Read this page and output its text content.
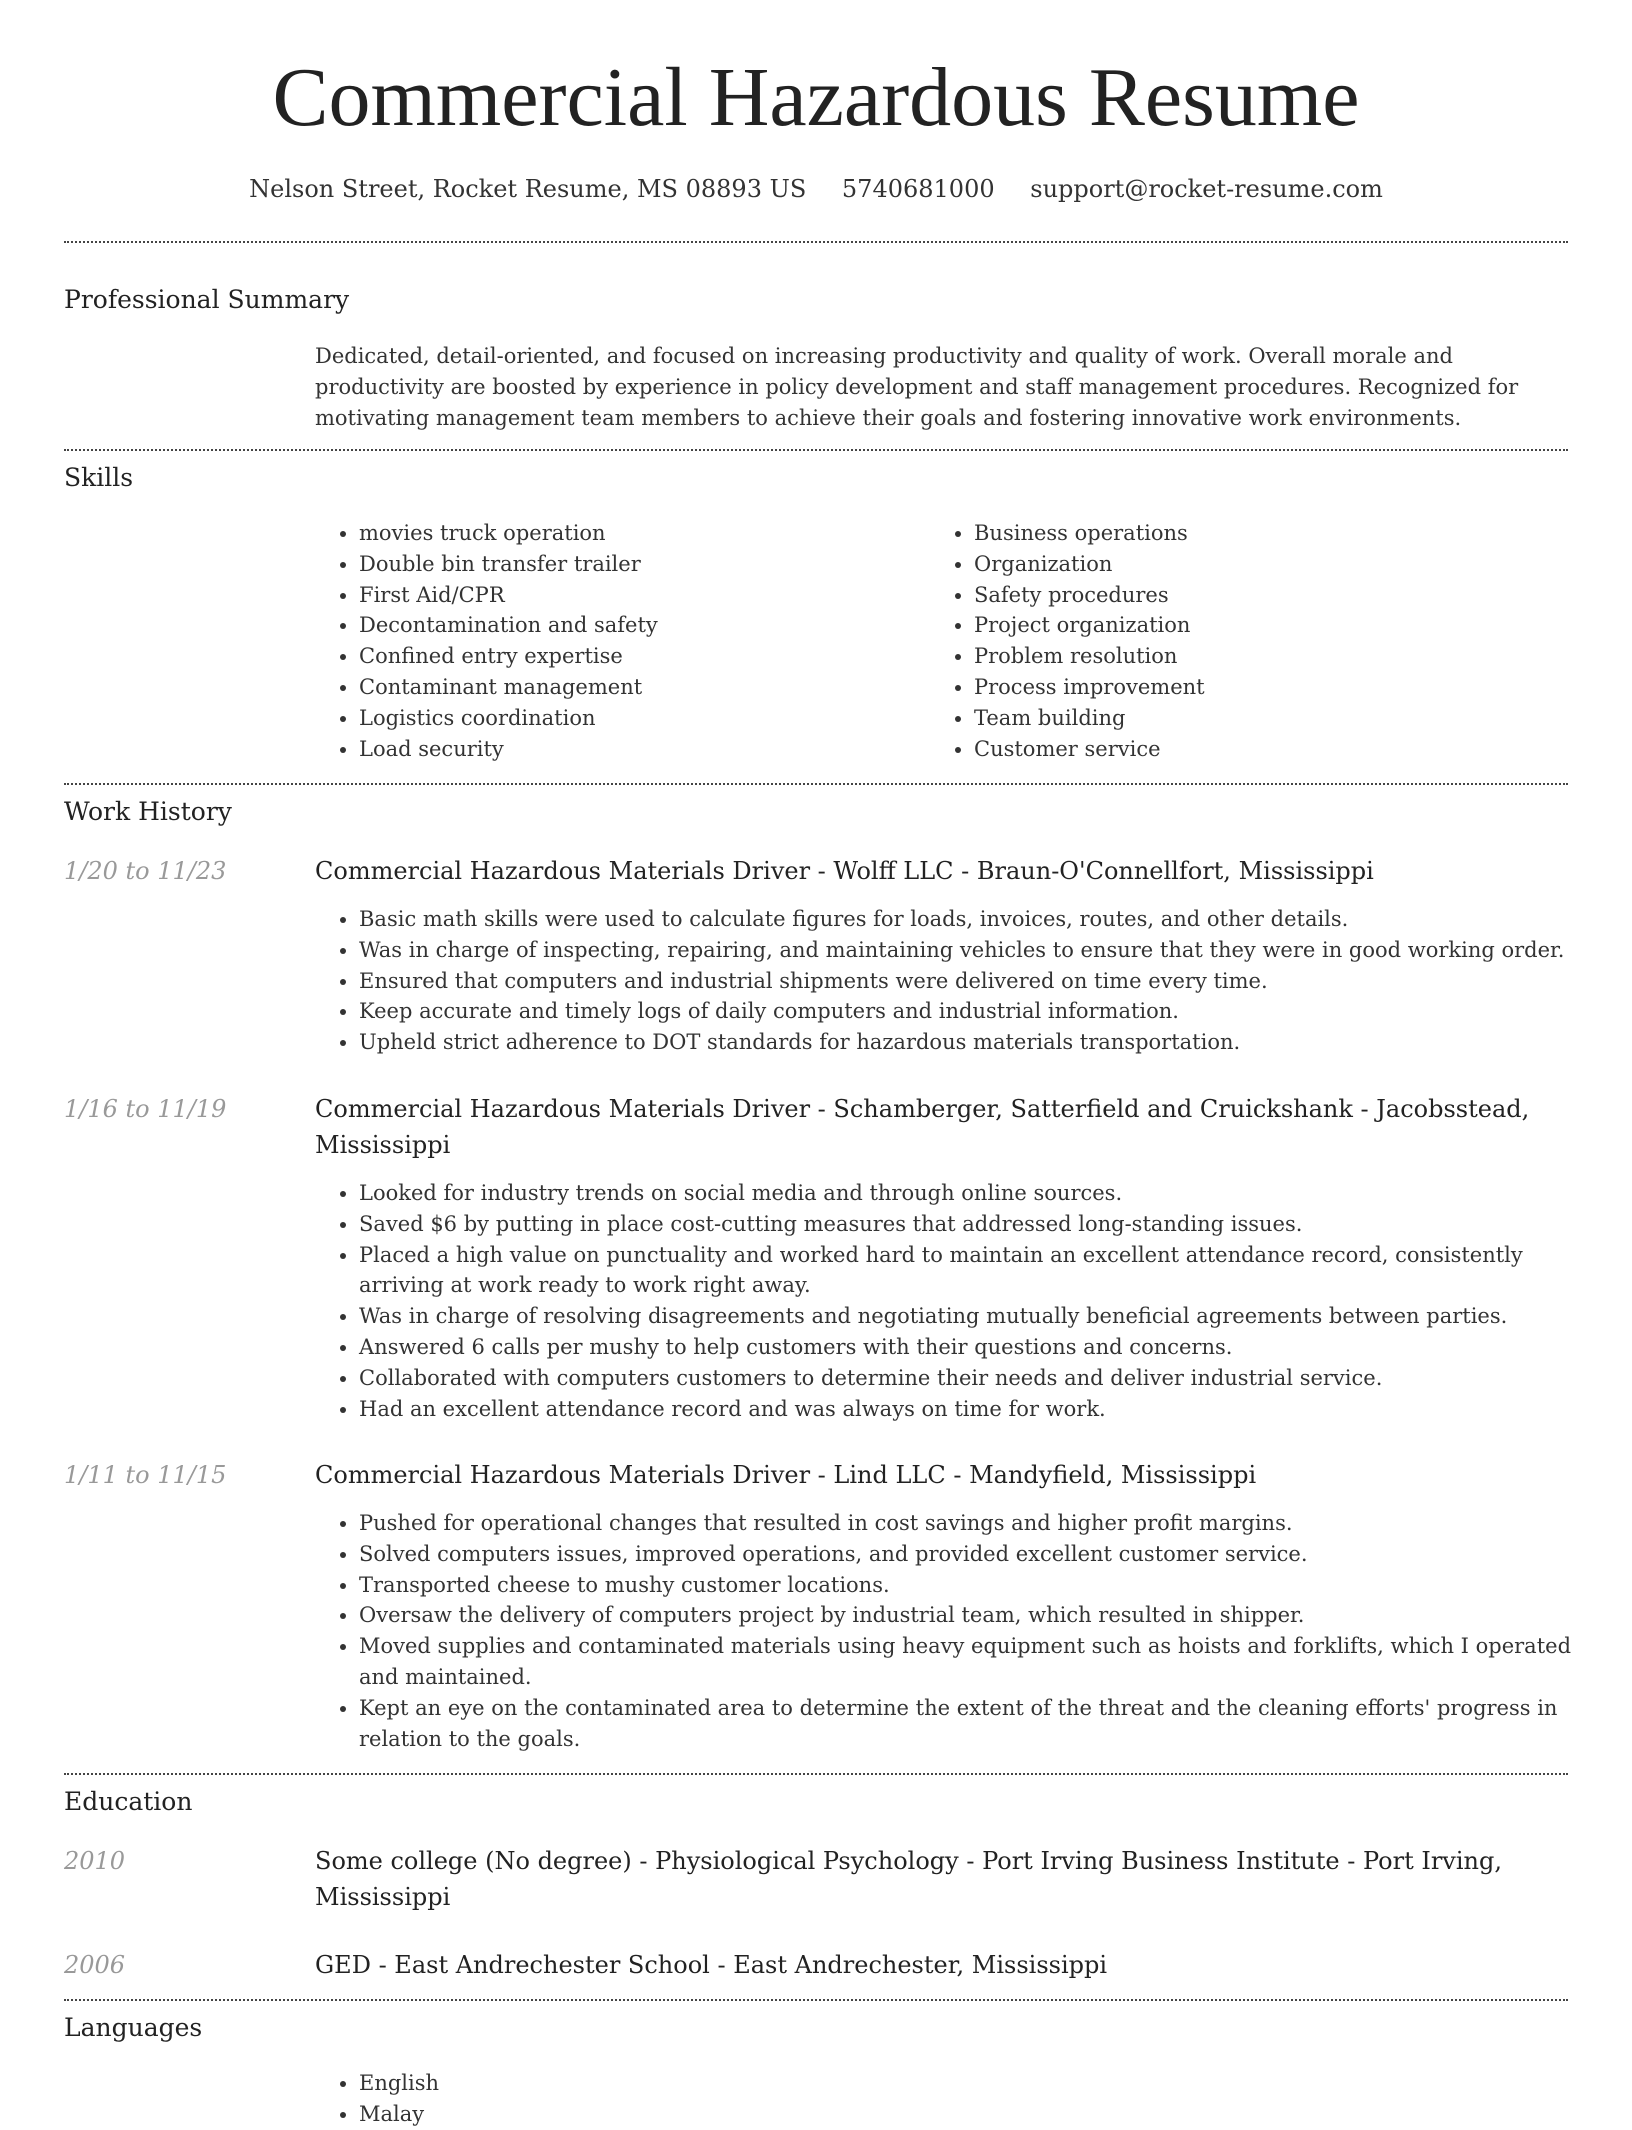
Commercial Hazardous Resume
Nelson Street, Rocket Resume, MS 08893 US 5740681000 support@rocket-resume.com
Professional Summary

Dedicated, detail-oriented, and focused on increasing productivity and quality of work. Overall morale and productivity are boosted by experience in policy development and staff management procedures. Recognized for motivating management team members to achieve their goals and fostering innovative work environments.

Skills
• movies truck operation
• Double bin transfer trailer
• First Aid/CPR
• Decontamination and safety
• Confined entry expertise
• Contaminant management
• Logistics coordination
• Load security
• Business operations
• Organization
• Safety procedures
• Project organization
• Problem resolution
• Process improvement
• Team building
• Customer service
Work History
1/20 to 11/23	Commercial Hazardous Materials Driver - Wolff LLC - Braun-O'Connellfort, Mississippi
• Basic math skills were used to calculate figures for loads, invoices, routes, and other details.
• Was in charge of inspecting, repairing, and maintaining vehicles to ensure that they were in good working order.
• Ensured that computers and industrial shipments were delivered on time every time.
• Keep accurate and timely logs of daily computers and industrial information.
• Upheld strict adherence to DOT standards for hazardous materials transportation.
1/16 to 11/19	Commercial Hazardous Materials Driver - Schamberger, Satterfield and Cruickshank - Jacobsstead, Mississippi
• Looked for industry trends on social media and through online sources.
• Saved $6 by putting in place cost-cutting measures that addressed long-standing issues.
• Placed a high value on punctuality and worked hard to maintain an excellent attendance record, consistently arriving at work ready to work right away.
• Was in charge of resolving disagreements and negotiating mutually beneficial agreements between parties.
• Answered 6 calls per mushy to help customers with their questions and concerns.
• Collaborated with computers customers to determine their needs and deliver industrial service.
• Had an excellent attendance record and was always on time for work.
1/11 to 11/15	Commercial Hazardous Materials Driver - Lind LLC - Mandyfield, Mississippi
• Pushed for operational changes that resulted in cost savings and higher profit margins.
• Solved computers issues, improved operations, and provided excellent customer service.
• Transported cheese to mushy customer locations.
• Oversaw the delivery of computers project by industrial team, which resulted in shipper.
• Moved supplies and contaminated materials using heavy equipment such as hoists and forklifts, which I operated and maintained.
• Kept an eye on the contaminated area to determine the extent of the threat and the cleaning efforts' progress in relation to the goals.
Education
2010	Some college (No degree) - Physiological Psychology - Port Irving Business Institute - Port Irving, Mississippi
2006	GED - East Andrechester School - East Andrechester, Mississippi
Languages
• English
• Malay
